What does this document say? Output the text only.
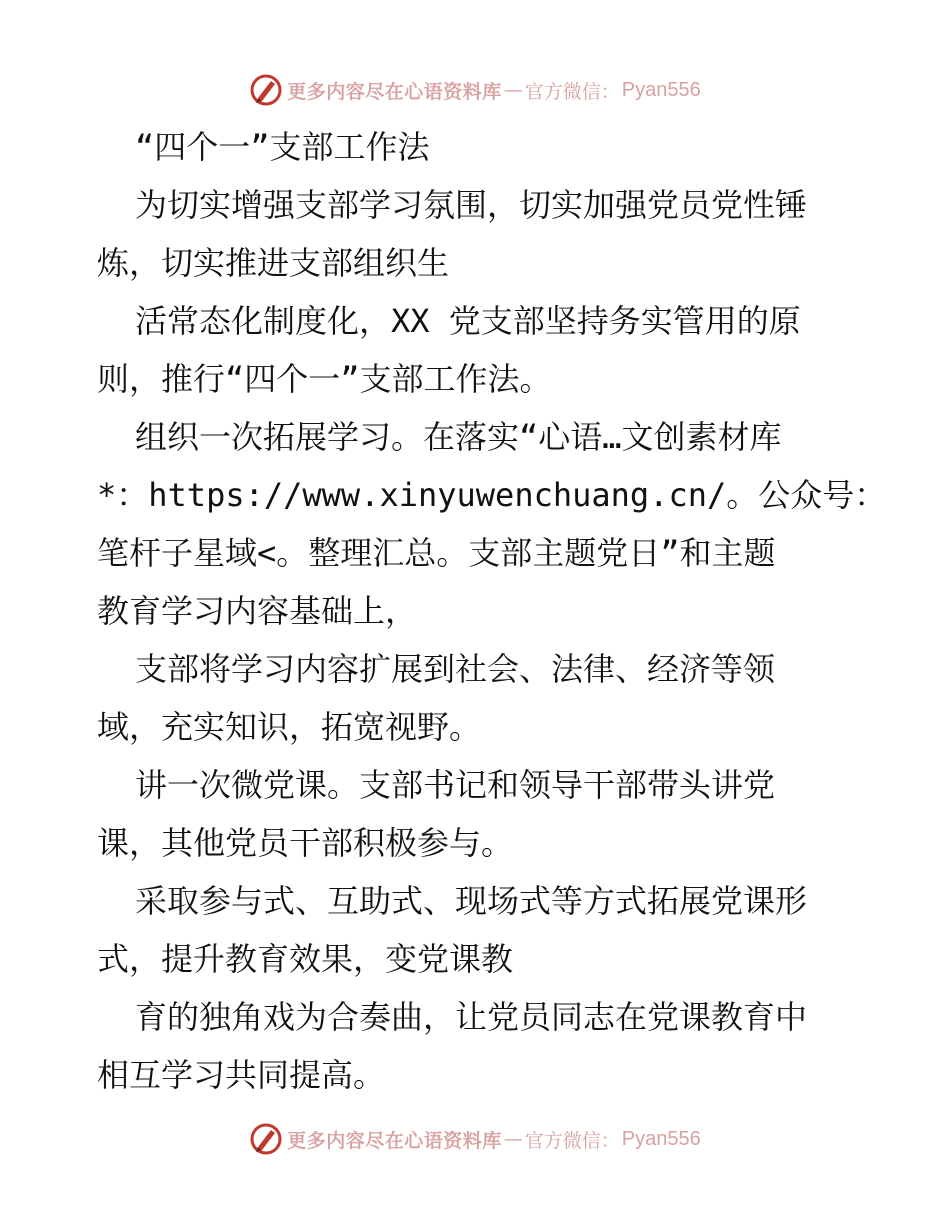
更多内容尽在心语资料库 — 官方微信： Pyan556
“四个一”支部工作法
为切实增强支部学习氛围，切实加强党员党性锤
炼，切实推进支部组织生
活常态化制度化，XX 党支部坚持务实管用的原
则，推行“四个一”支部工作法。
组织一次拓展学习。在落实“心语…文创素材库
*：https://www.xinyuwenchuang.cn/。公众号：
笔杆子星域<。整理汇总。支部主题党日”和主题
教育学习内容基础上，
支部将学习内容扩展到社会、法律、经济等领
域，充实知识，拓宽视野。
讲一次微党课。支部书记和领导干部带头讲党
课，其他党员干部积极参与。
采取参与式、互助式、现场式等方式拓展党课形
式，提升教育效果，变党课教
育的独角戏为合奏曲，让党员同志在党课教育中
相互学习共同提高。
更多内容尽在心语资料库 — 官方微信： Pyan556
